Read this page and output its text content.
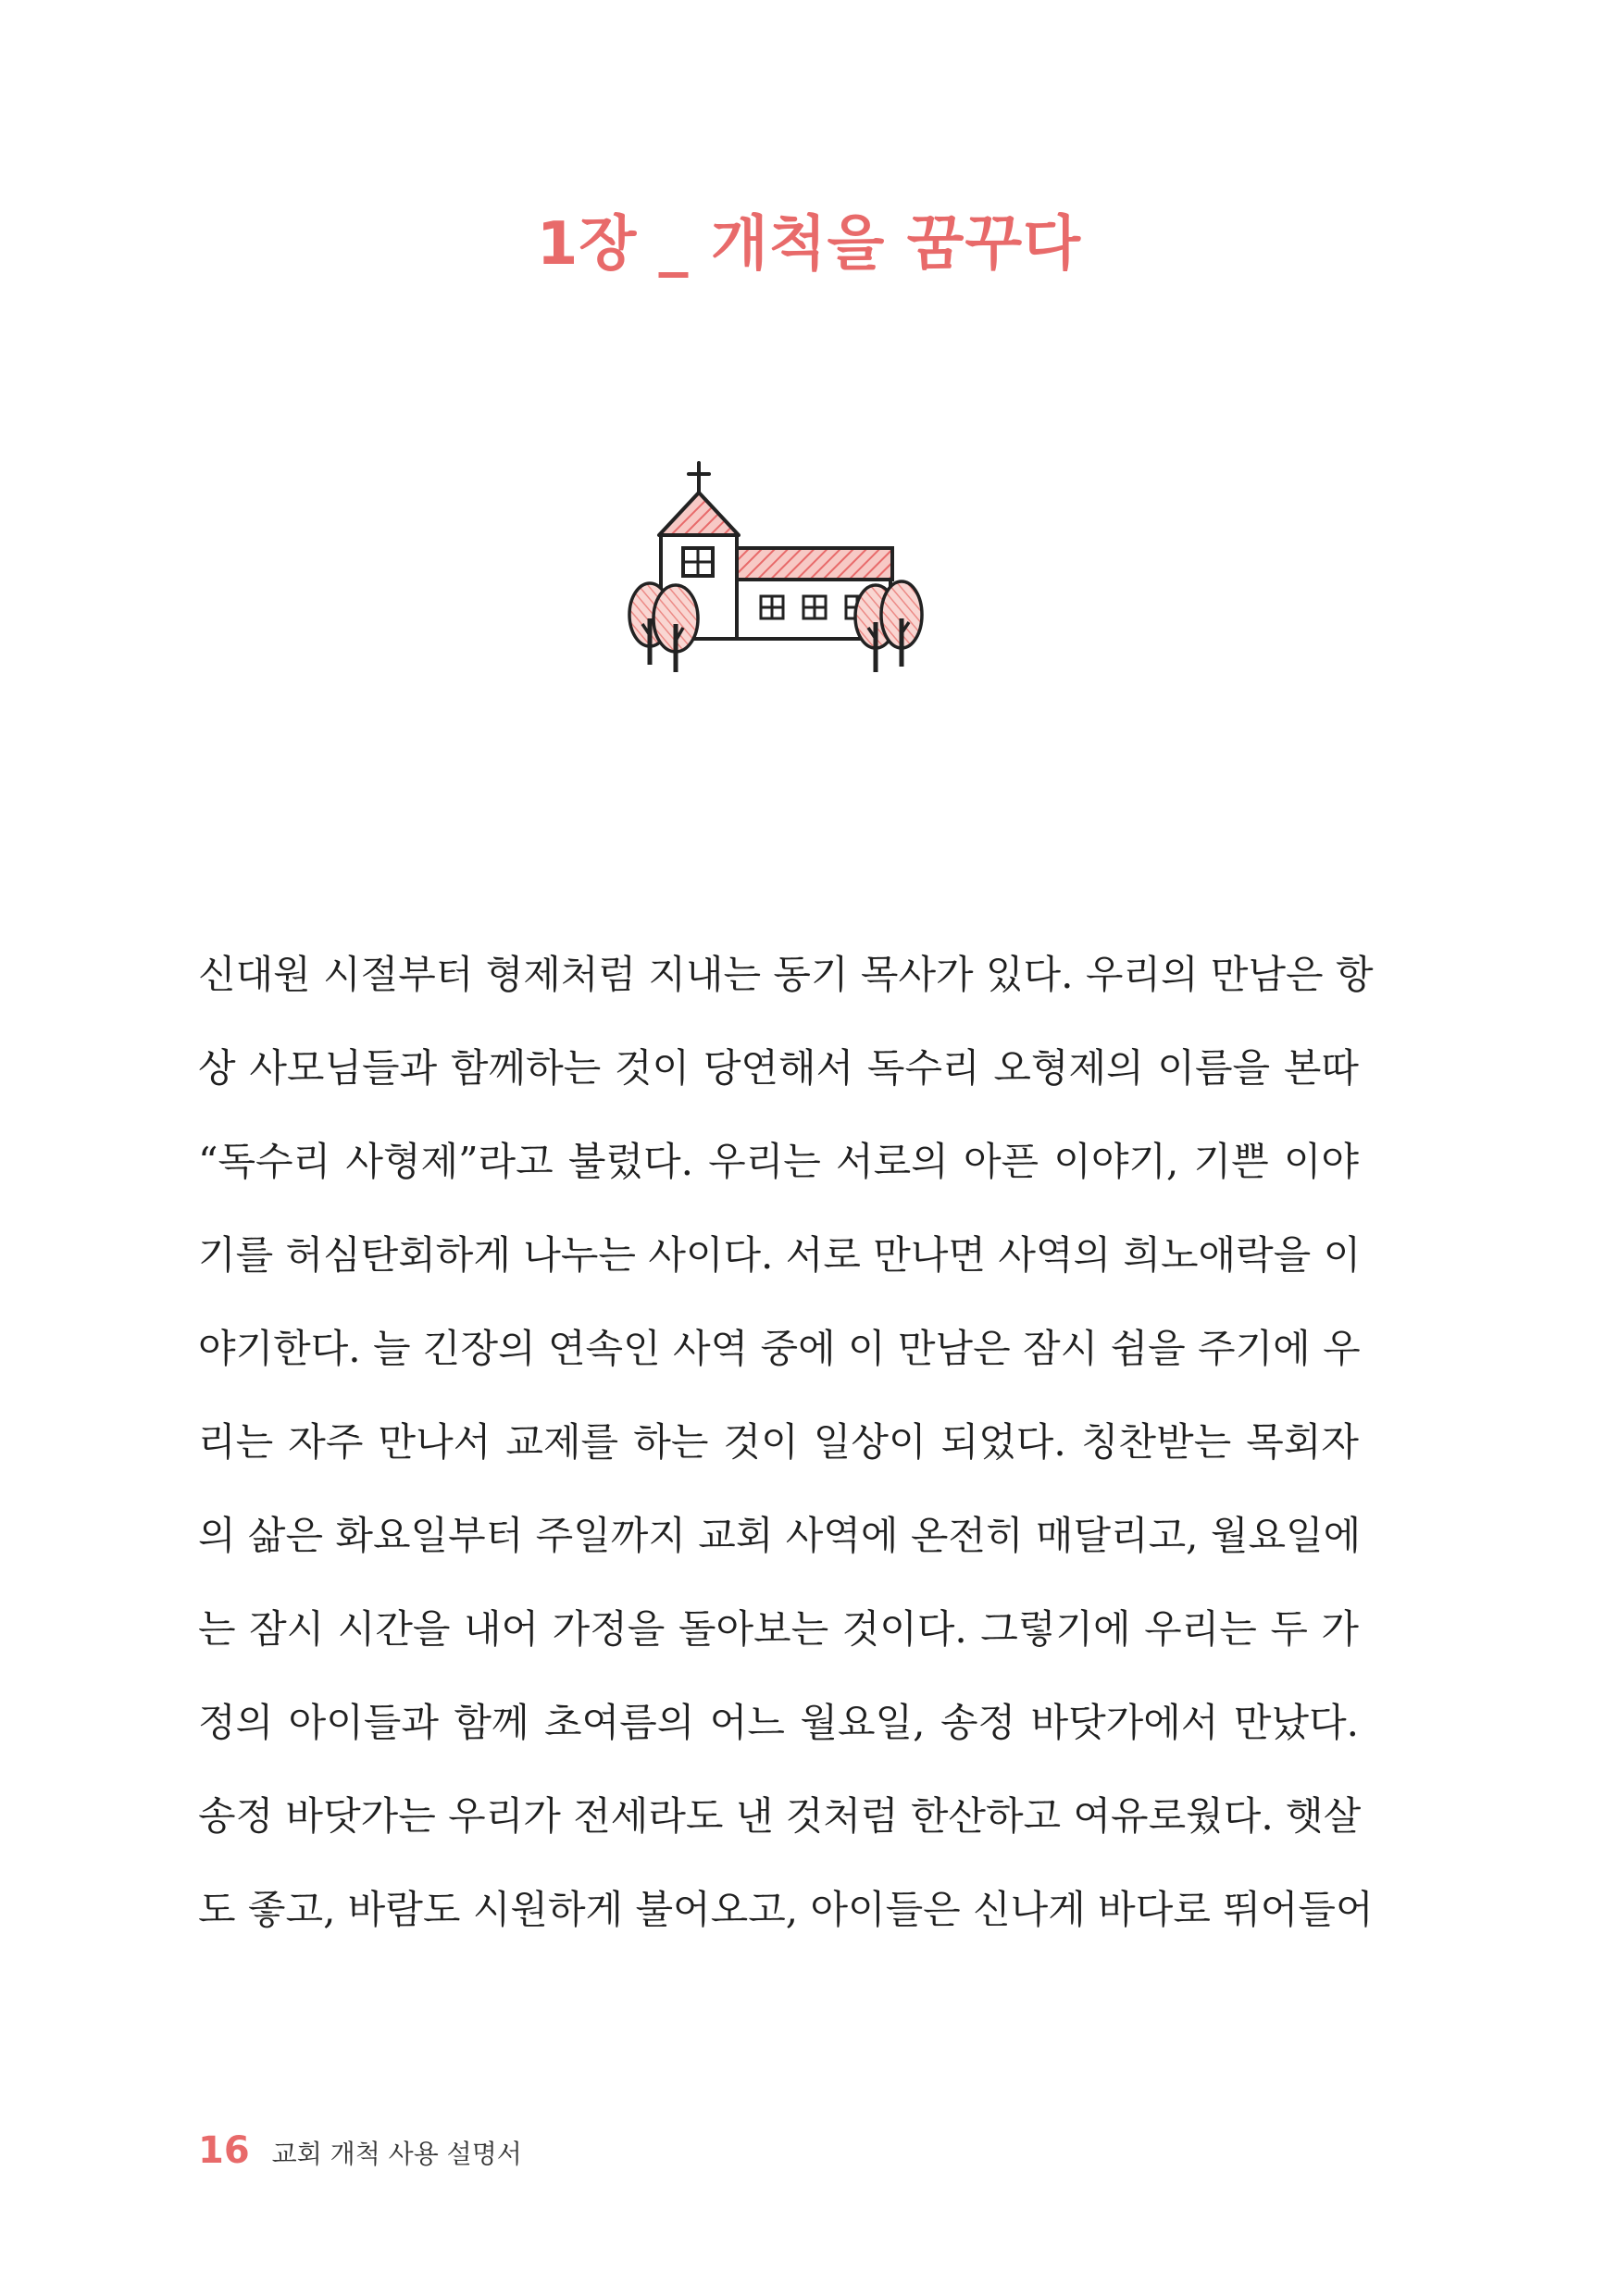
1장 _ 개척을 꿈꾸다
신대원 시절부터 형제처럼 지내는 동기 목사가 있다. 우리의 만남은 항
상 사모님들과 함께하는 것이 당연해서 독수리 오형제의 이름을 본따
“독수리 사형제”라고 불렀다. 우리는 서로의 아픈 이야기, 기쁜 이야
기를 허심탄회하게 나누는 사이다. 서로 만나면 사역의 희노애락을 이
야기한다. 늘 긴장의 연속인 사역 중에 이 만남은 잠시 쉼을 주기에 우
리는 자주 만나서 교제를 하는 것이 일상이 되었다. 칭찬받는 목회자
의 삶은 화요일부터 주일까지 교회 사역에 온전히 매달리고, 월요일에
는 잠시 시간을 내어 가정을 돌아보는 것이다. 그렇기에 우리는 두 가
정의 아이들과 함께 초여름의 어느 월요일, 송정 바닷가에서 만났다.
송정 바닷가는 우리가 전세라도 낸 것처럼 한산하고 여유로웠다. 햇살
도 좋고, 바람도 시원하게 불어오고, 아이들은 신나게 바다로 뛰어들어
16 교회 개척 사용 설명서
